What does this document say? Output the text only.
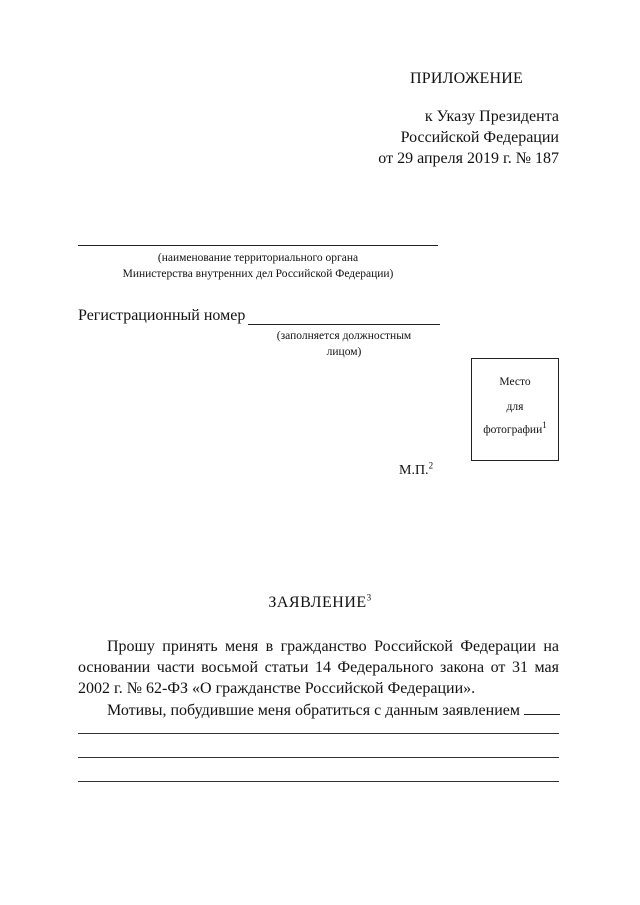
ПРИЛОЖЕНИЕ
к Указу Президента
Российской Федерации
от 29 апреля 2019 г. № 187
(наименование территориального органа
Министерства внутренних дел Российской Федерации)
Регистрационный номер
(заполняется должностным
лицом)
Место
для
фотографии$^1$
М.П.$^2$
ЗАЯВЛЕНИЕ$^3$
Прошу принять меня в гражданство Российской Федерации на основании части восьмой статьи 14 Федерального закона от 31 мая 2002 г. № 62-ФЗ «О гражданстве Российской Федерации».
Мотивы, побудившие меня обратиться с данным заявлением
